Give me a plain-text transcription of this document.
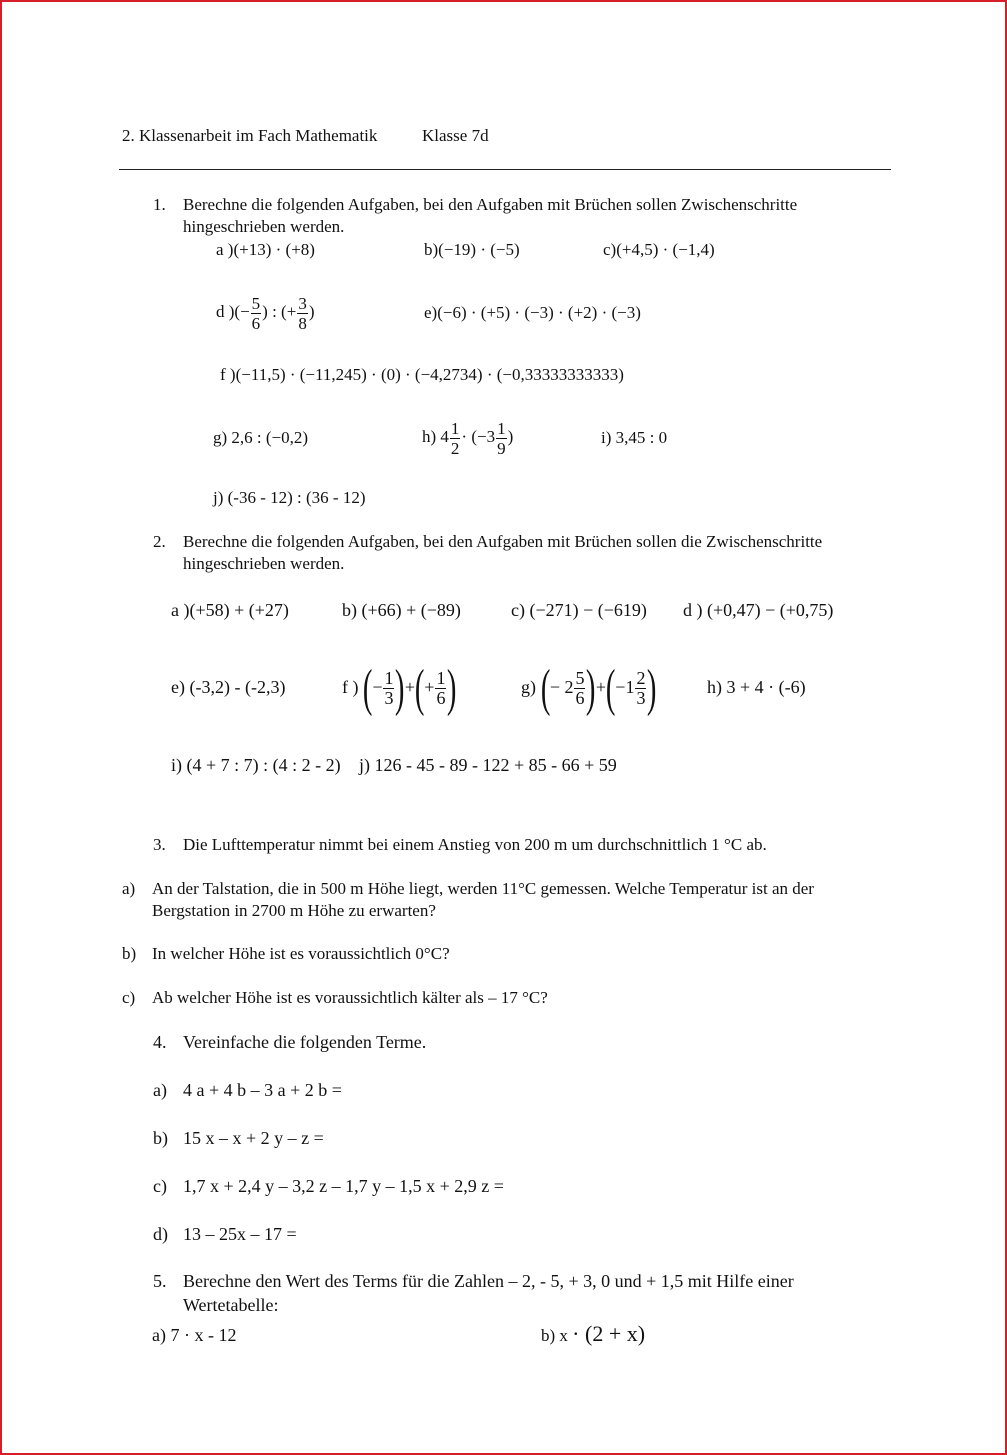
2. Klassenarbeit im Fach Mathematik	Klasse 7d
1. Berechne die folgenden Aufgaben, bei den Aufgaben mit Brüchen sollen Zwischenschritte
hingeschrieben werden.
a )(+13) · (+8)	b)(−19) · (−5)	c)(+4,5) · (−1,4)
d )(− $\frac{5}{6}$ ) : (+ $\frac{3}{8}$ )	e)(−6) · (+5) · (−3) · (+2) · (−3)
f )(−11,5) · (−11,245) · (0) · (−4,2734) · (−0,33333333333)
g) 2,6 : (−0,2)	h) $4 \frac{1}{2} \cdot (-3 \frac{1}{9}$ )	i) 3,45 : 0
j) (-36 - 12) : (36 - 12)
2. Berechne die folgenden Aufgaben, bei den Aufgaben mit Brüchen sollen die Zwischenschritte
hingeschrieben werden.
a )(+58) + (+27)	b) (+66) + (−89)	c) (−271) − (−619) d ) (+0,47) − (+0,75)
e) (-3,2) - (-2,3)	f ) (− $\frac{1}{3}$ )+(+ $\frac{1}{6}$ )	g) (− $2 \frac{5}{6} )+(-1 \frac{2}{3}$ )	h) 3 + 4 · (-6)
i) (4 + 7 : 7) : (4 : 2 - 2) j) 126 - 45 - 89 - 122 + 85 - 66 + 59
3. Die Lufttemperatur nimmt bei einem Anstieg von 200 m um durchschnittlich 1 °C ab.
a) An der Talstation, die in 500 m Höhe liegt, werden 11°C gemessen. Welche Temperatur ist an der
Bergstation in 2700 m Höhe zu erwarten?
b) In welcher Höhe ist es voraussichtlich 0°C?
c) Ab welcher Höhe ist es voraussichtlich kälter als – 17 °C?
4. Vereinfache die folgenden Terme.
a) 4 a + 4 b – 3 a + 2 b =
b) 15 x – x + 2 y – z =
c) 1,7 x + 2,4 y – 3,2 z – 1,7 y – 1,5 x + 2,9 z =
d) 13 – 25x – 17 =
5. Berechne den Wert des Terms für die Zahlen – 2, - 5, + 3, 0 und + 1,5 mit Hilfe einer
Wertetabelle:
a) 7 · x - 12	b) x · (2 + x)
